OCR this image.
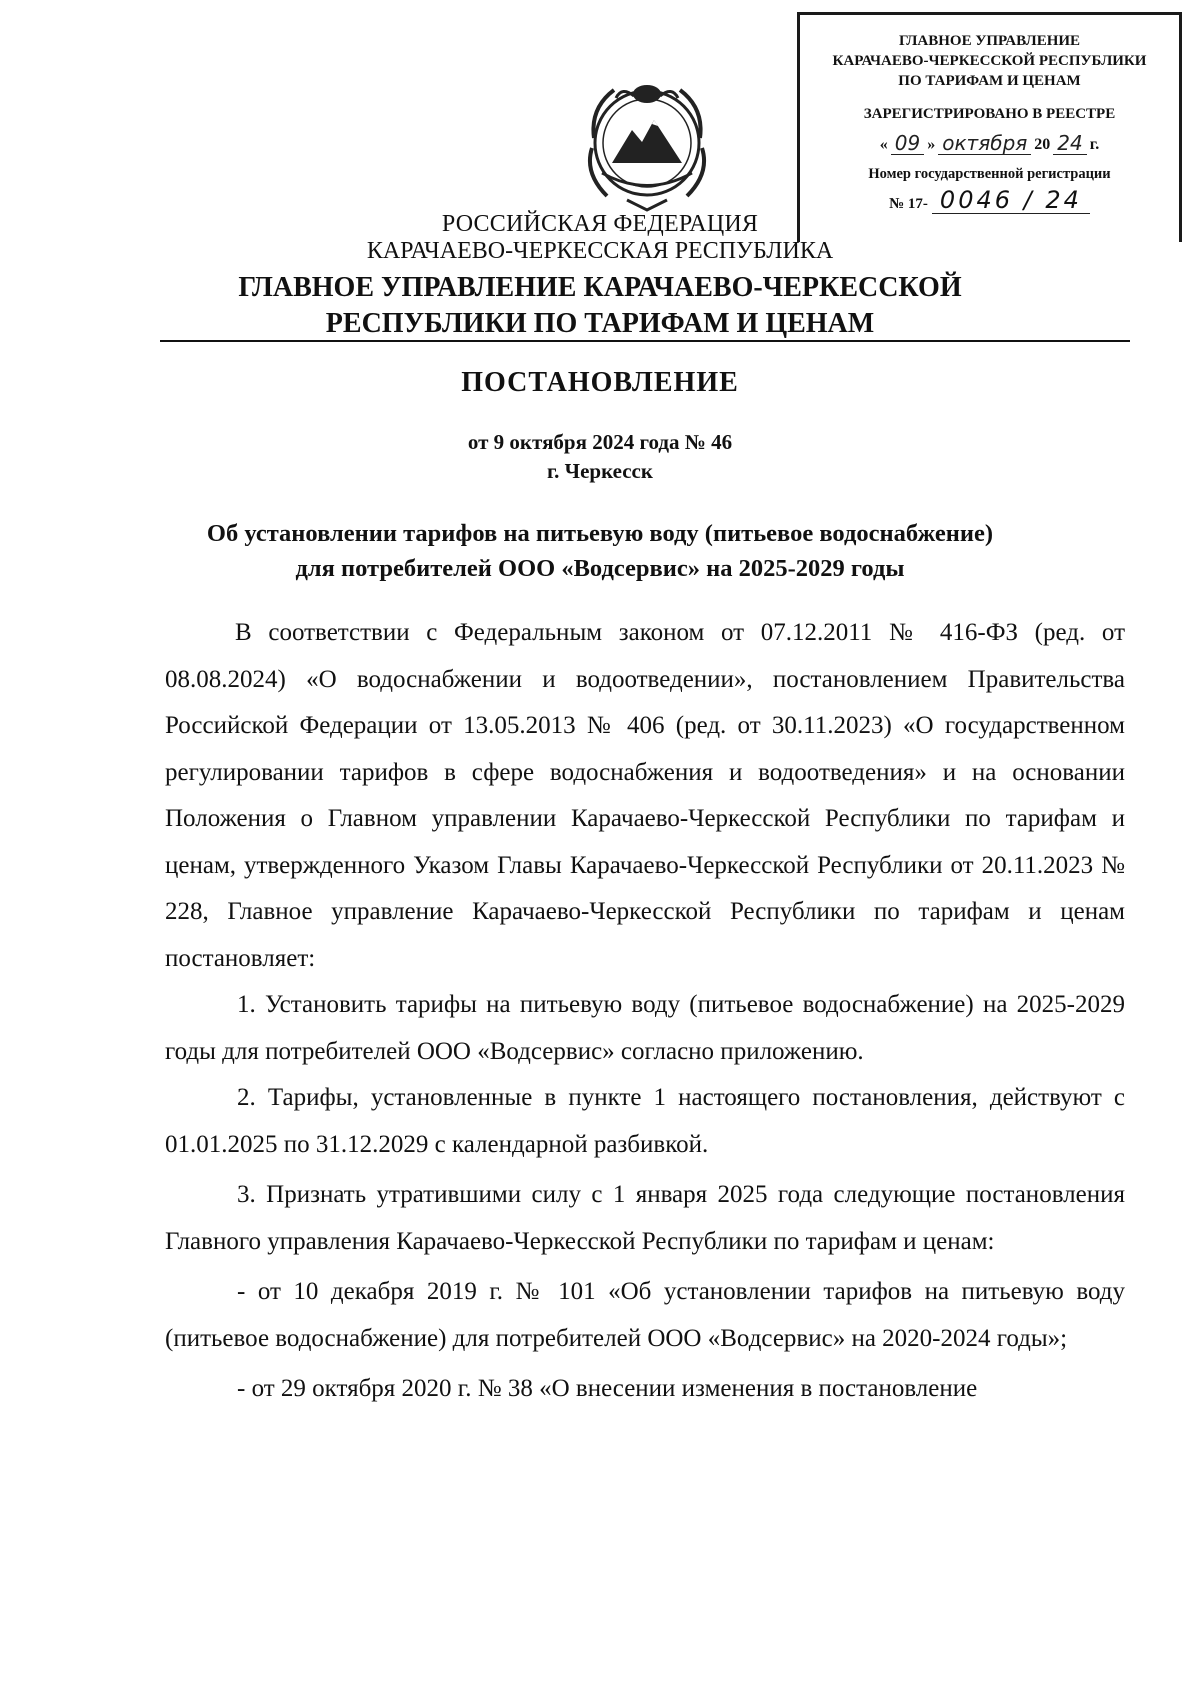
ГЛАВНОЕ УПРАВЛЕНИЕ
КАРАЧАЕВО-ЧЕРКЕССКОЙ РЕСПУБЛИКИ
ПО ТАРИФАМ И ЦЕНАМ
ЗАРЕГИСТРИРОВАНО В РЕЕСТРЕ
« 09 » октября 20 24 г.
Номер государственной регистрации
№ 17- 0046 / 24
РОССИЙСКАЯ ФЕДЕРАЦИЯ
КАРАЧАЕВО-ЧЕРКЕССКАЯ РЕСПУБЛИКА
ГЛАВНОЕ УПРАВЛЕНИЕ КАРАЧАЕВО-ЧЕРКЕССКОЙ
РЕСПУБЛИКИ ПО ТАРИФАМ И ЦЕНАМ
ПОСТАНОВЛЕНИЕ
от 9 октября 2024 года № 46
г. Черкесск
Об установлении тарифов на питьевую воду (питьевое водоснабжение)
для потребителей ООО «Водсервис» на 2025-2029 годы

В соответствии с Федеральным законом от 07.12.2011 № 416-ФЗ (ред. от 08.08.2024) «О водоснабжении и водоотведении», постановлением Правительства Российской Федерации от 13.05.2013 № 406 (ред. от 30.11.2023) «О государственном регулировании тарифов в сфере водоснабжения и водоотведения» и на основании Положения о Главном управлении Карачаево-Черкесской Республики по тарифам и ценам, утвержденного Указом Главы Карачаево-Черкесской Республики от 20.11.2023 № 228, Главное управление Карачаево-Черкесской Республики по тарифам и ценам постановляет:

1. Установить тарифы на питьевую воду (питьевое водоснабжение) на 2025-2029 годы для потребителей ООО «Водсервис» согласно приложению.

2. Тарифы, установленные в пункте 1 настоящего постановления, действуют с 01.01.2025 по 31.12.2029 с календарной разбивкой.

3. Признать утратившими силу с 1 января 2025 года следующие постановления Главного управления Карачаево-Черкесской Республики по тарифам и ценам:

- от 10 декабря 2019 г. № 101 «Об установлении тарифов на питьевую воду (питьевое водоснабжение) для потребителей ООО «Водсервис» на 2020-2024 годы»;

- от 29 октября 2020 г. № 38 «О внесении изменения в постановление
